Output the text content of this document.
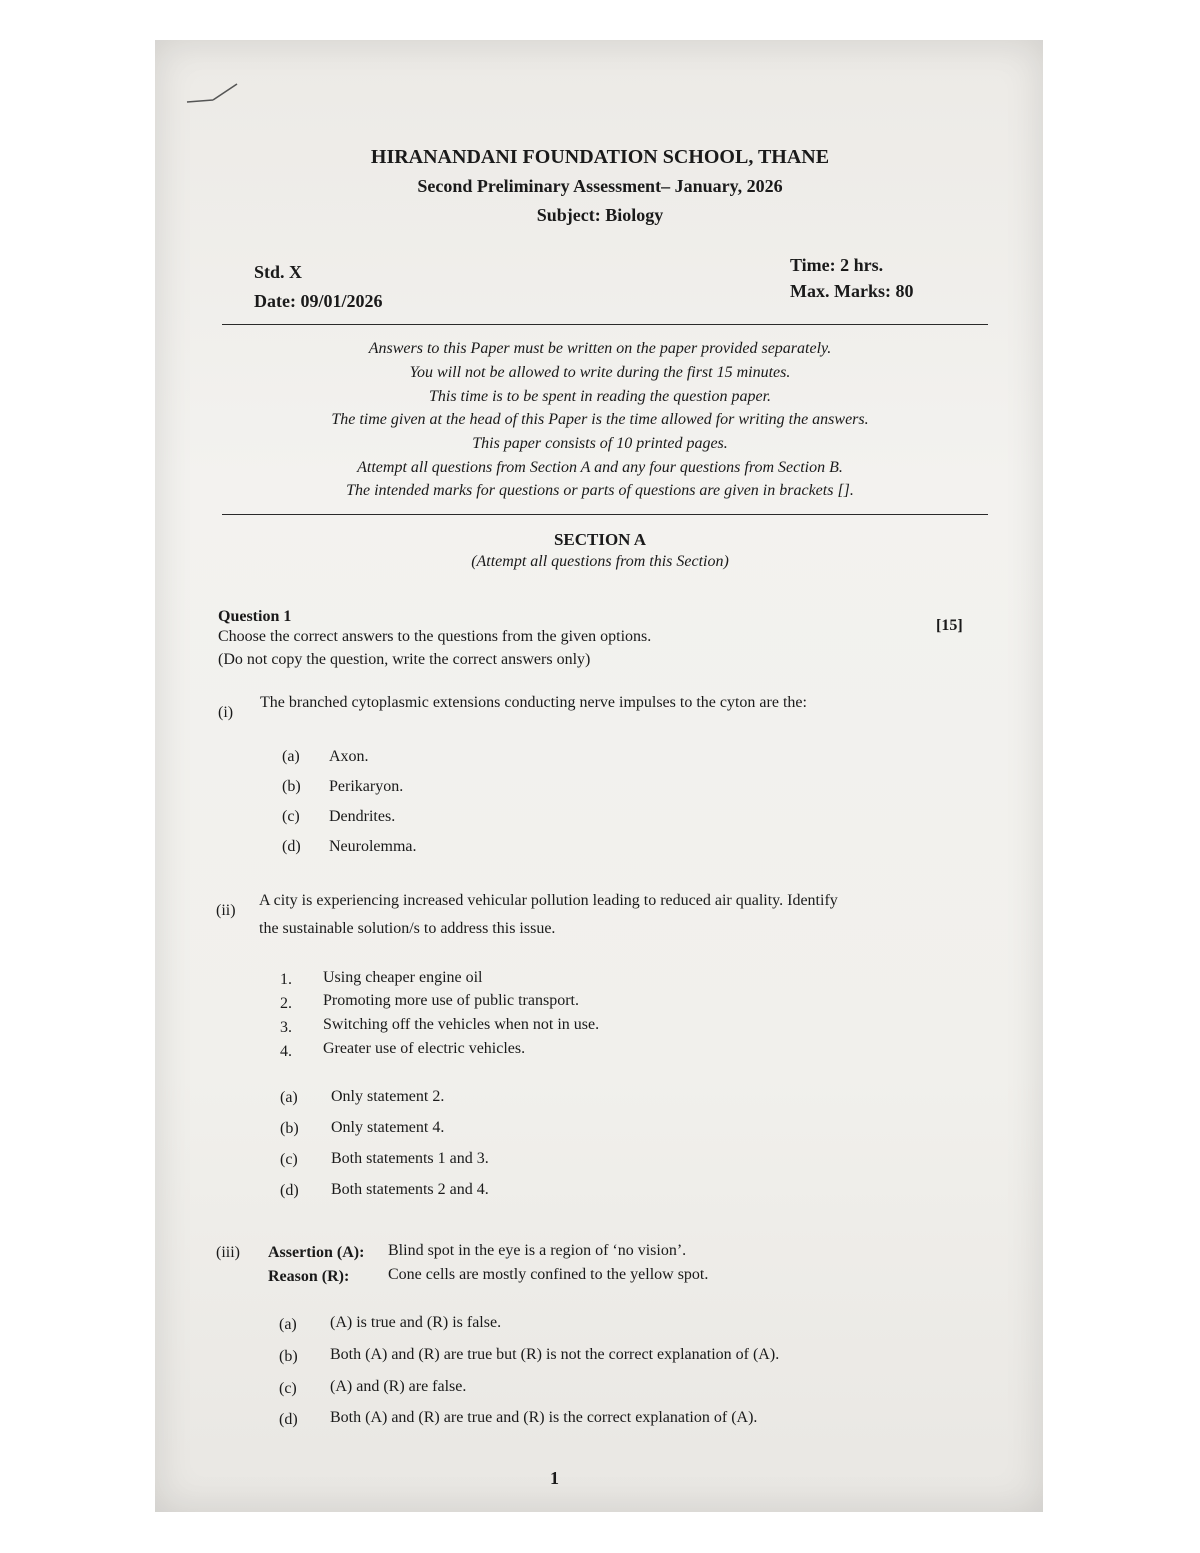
HIRANANDANI FOUNDATION SCHOOL, THANE
Second Preliminary Assessment– January, 2026
Subject: Biology
Std. X
Date: 09/01/2026
Time: 2 hrs.
Max. Marks: 80
Answers to this Paper must be written on the paper provided separately.
You will not be allowed to write during the first 15 minutes.
This time is to be spent in reading the question paper.
The time given at the head of this Paper is the time allowed for writing the answers.
This paper consists of 10 printed pages.
Attempt all questions from Section A and any four questions from Section B.
The intended marks for questions or parts of questions are given in brackets [].
SECTION A
(Attempt all questions from this Section)
Question 1
Choose the correct answers to the questions from the given options.
(Do not copy the question, write the correct answers only)
[15]
(i)
The branched cytoplasmic extensions conducting nerve impulses to the cyton are the:
(a) Axon.
(b) Perikaryon.
(c) Dendrites.
(d) Neurolemma.
(ii)
A city is experiencing increased vehicular pollution leading to reduced air quality. Identify
the sustainable solution/s to address this issue.
1. Using cheaper engine oil
2. Promoting more use of public transport.
3. Switching off the vehicles when not in use.
4. Greater use of electric vehicles.
(a) Only statement 2.
(b) Only statement 4.
(c) Both statements 1 and 3.
(d) Both statements 2 and 4.
(iii) Assertion (A): Blind spot in the eye is a region of ‘no vision’.
Reason (R): Cone cells are mostly confined to the yellow spot.
(a) (A) is true and (R) is false.
(b) Both (A) and (R) are true but (R) is not the correct explanation of (A).
(c) (A) and (R) are false.
(d) Both (A) and (R) are true and (R) is the correct explanation of (A).
1
